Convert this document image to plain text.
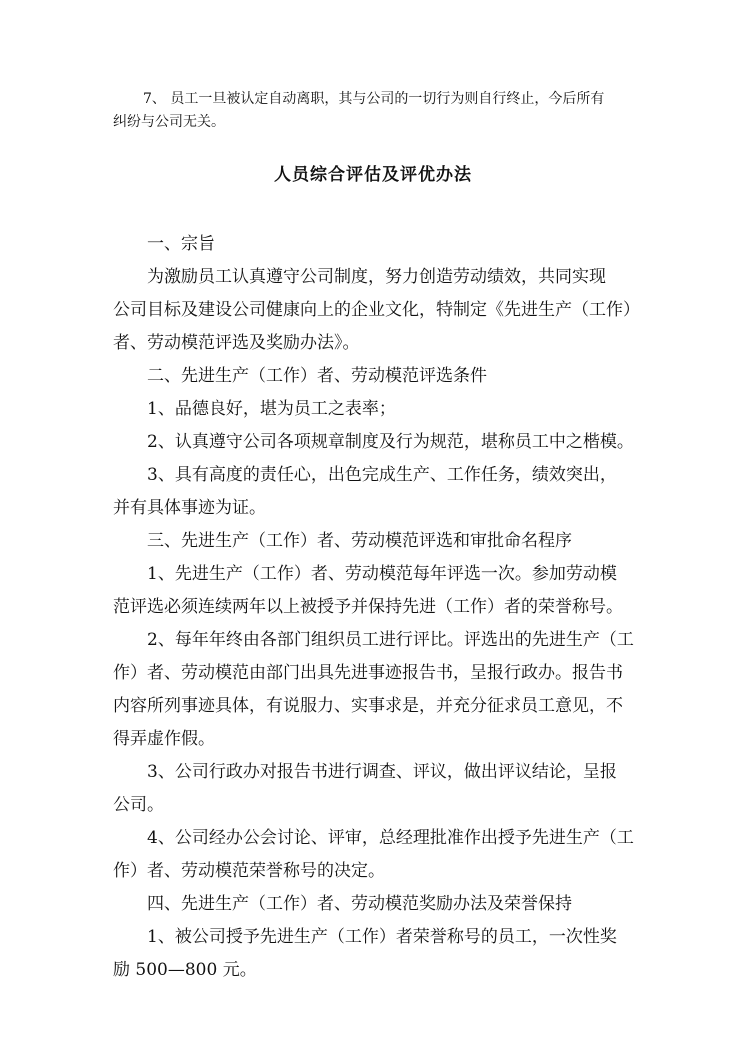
7、 员工一旦被认定自动离职，其与公司的一切行为则自行终止，今后所有
纠纷与公司无关。

人员综合评估及评优办法
一、宗旨
为激励员工认真遵守公司制度，努力创造劳动绩效，共同实现
公司目标及建设公司健康向上的企业文化，特制定《先进生产（工作）
者、劳动模范评选及奖励办法》。
二、先进生产（工作）者、劳动模范评选条件
1、品德良好，堪为员工之表率；
2、认真遵守公司各项规章制度及行为规范，堪称员工中之楷模。
3、具有高度的责任心，出色完成生产、工作任务，绩效突出，
并有具体事迹为证。
三、先进生产（工作）者、劳动模范评选和审批命名程序
1、先进生产（工作）者、劳动模范每年评选一次。参加劳动模
范评选必须连续两年以上被授予并保持先进（工作）者的荣誉称号。
2、每年年终由各部门组织员工进行评比。评选出的先进生产（工
作）者、劳动模范由部门出具先进事迹报告书，呈报行政办。报告书
内容所列事迹具体，有说服力、实事求是，并充分征求员工意见，不
得弄虚作假。
3、公司行政办对报告书进行调查、评议，做出评议结论，呈报
公司。
4、公司经办公会讨论、评审，总经理批准作出授予先进生产（工
作）者、劳动模范荣誉称号的决定。
四、先进生产（工作）者、劳动模范奖励办法及荣誉保持
1、被公司授予先进生产（工作）者荣誉称号的员工，一次性奖
励 500—800 元。
